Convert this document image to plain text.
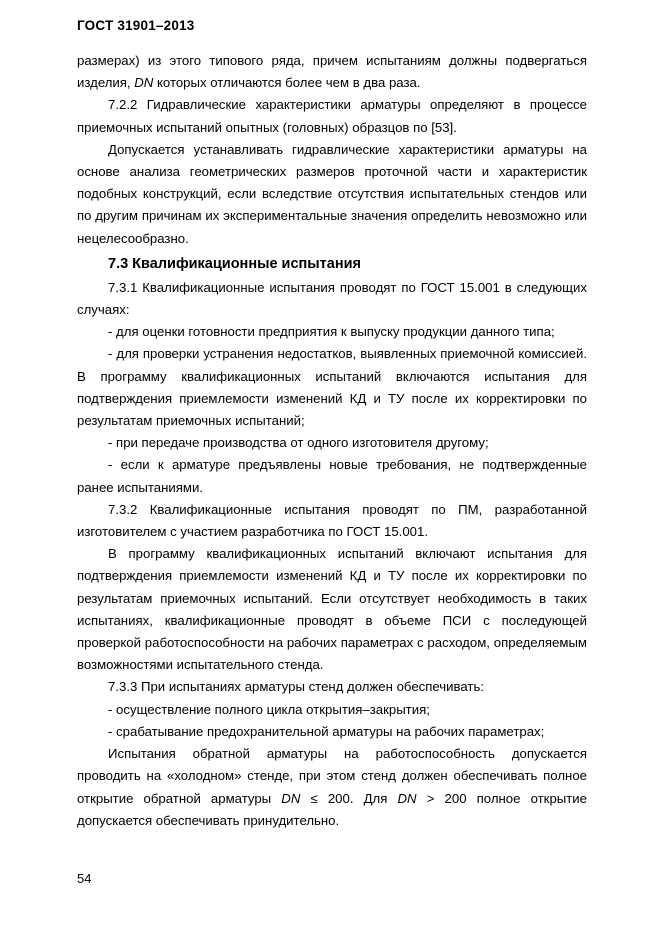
ГОСТ 31901–2013

размерах) из этого типового ряда, причем испытаниям должны подвергаться изделия, DN которых отличаются более чем в два раза.

7.2.2 Гидравлические характеристики арматуры определяют в процессе приемочных испытаний опытных (головных) образцов по [53].

Допускается устанавливать гидравлические характеристики арматуры на основе анализа геометрических размеров проточной части и характеристик подобных конструкций, если вследствие отсутствия испытательных стендов или по другим причинам их экспериментальные значения определить невозможно или нецелесообразно.

7.3 Квалификационные испытания

7.3.1 Квалификационные испытания проводят по ГОСТ 15.001 в следующих случаях:

- для оценки готовности предприятия к выпуску продукции данного типа;

- для проверки устранения недостатков, выявленных приемочной комиссией. В программу квалификационных испытаний включаются испытания для подтверждения приемлемости изменений КД и ТУ после их корректировки по результатам приемочных испытаний;

- при передаче производства от одного изготовителя другому;

- если к арматуре предъявлены новые требования, не подтвержденные ранее испытаниями.

7.3.2 Квалификационные испытания проводят по ПМ, разработанной изготовителем с участием разработчика по ГОСТ 15.001.

В программу квалификационных испытаний включают испытания для подтверждения приемлемости изменений КД и ТУ после их корректировки по результатам приемочных испытаний. Если отсутствует необходимость в таких испытаниях, квалификационные проводят в объеме ПСИ с последующей проверкой работоспособности на рабочих параметрах с расходом, определяемым возможностями испытательного стенда.

7.3.3 При испытаниях арматуры стенд должен обеспечивать:

- осуществление полного цикла открытия–закрытия;

- срабатывание предохранительной арматуры на рабочих параметрах;

Испытания обратной арматуры на работоспособность допускается проводить на «холодном» стенде, при этом стенд должен обеспечивать полное открытие обратной арматуры DN ≤ 200. Для DN > 200 полное открытие допускается обеспечивать принудительно.

54
